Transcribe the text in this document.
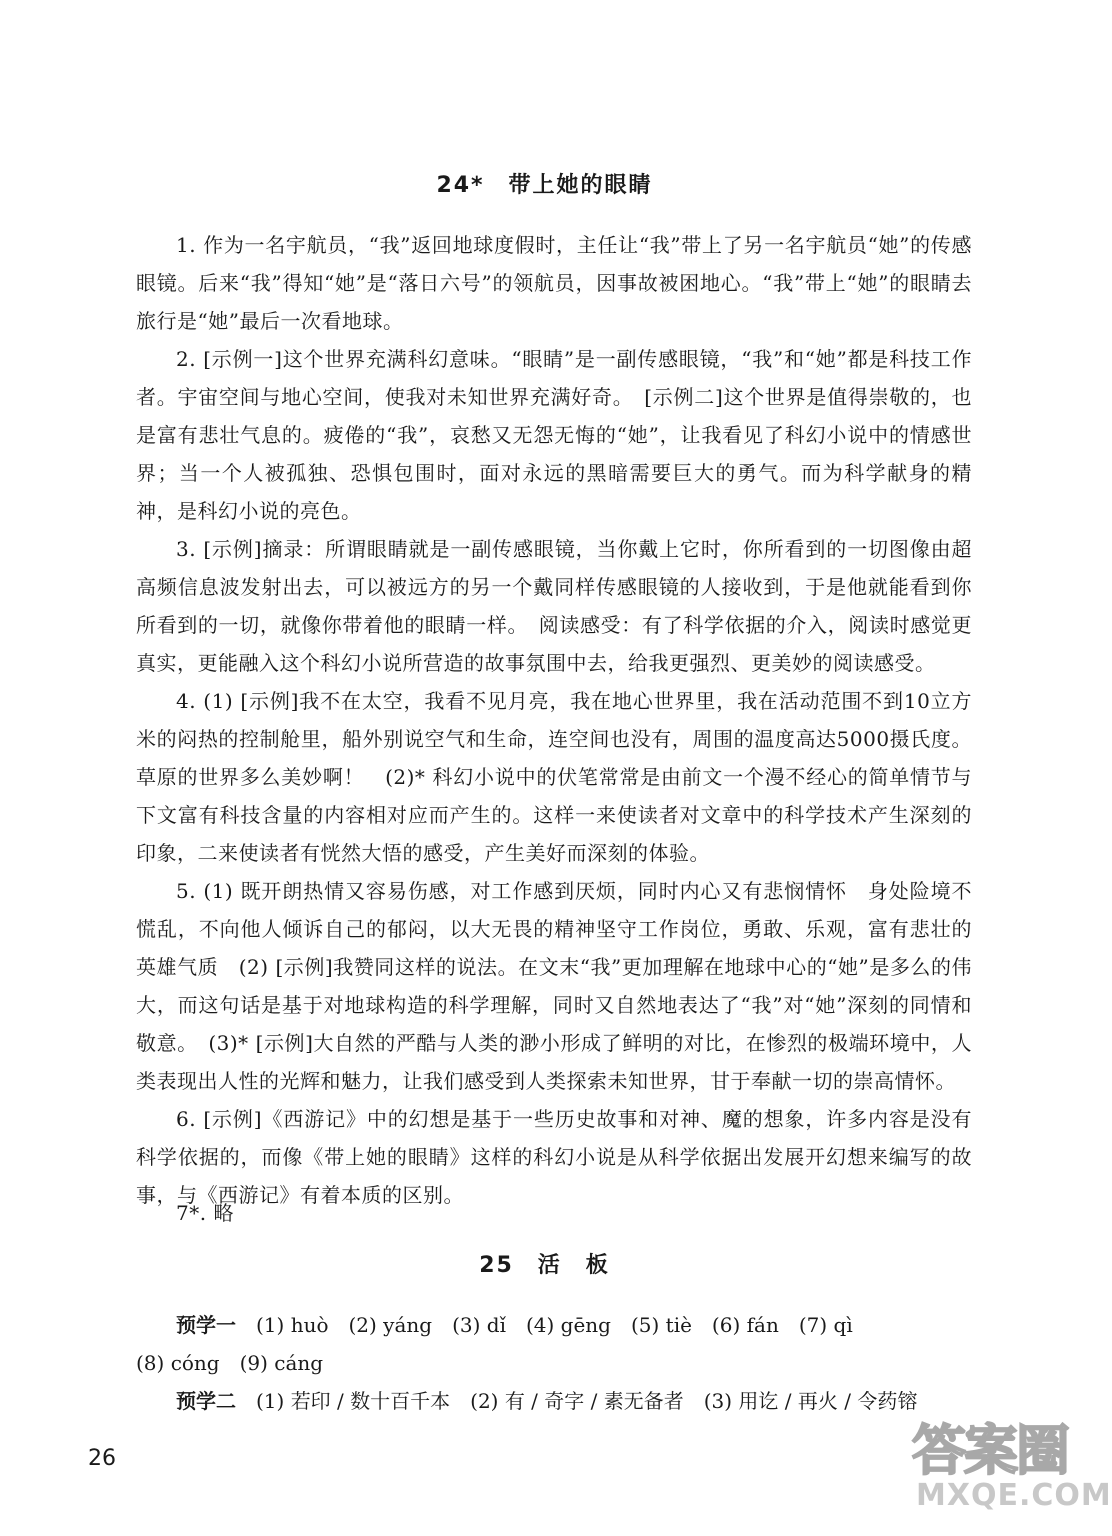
24*　带上她的眼睛
1. 作为一名宇航员，“我”返回地球度假时，主任让“我”带上了另一名宇航员“她”的传感眼镜。后来“我”得知“她”是“落日六号”的领航员，因事故被困地心。“我”带上“她”的眼睛去旅行是“她”最后一次看地球。
2. [示例一]这个世界充满科幻意味。“眼睛”是一副传感眼镜，“我”和“她”都是科技工作者。宇宙空间与地心空间，使我对未知世界充满好奇。　[示例二]这个世界是值得崇敬的，也是富有悲壮气息的。疲倦的“我”，哀愁又无怨无悔的“她”，让我看见了科幻小说中的情感世界；当一个人被孤独、恐惧包围时，面对永远的黑暗需要巨大的勇气。而为科学献身的精神，是科幻小说的亮色。
3. [示例]摘录：所谓眼睛就是一副传感眼镜，当你戴上它时，你所看到的一切图像由超高频信息波发射出去，可以被远方的另一个戴同样传感眼镜的人接收到，于是他就能看到你所看到的一切，就像你带着他的眼睛一样。　阅读感受：有了科学依据的介入，阅读时感觉更真实，更能融入这个科幻小说所营造的故事氛围中去，给我更强烈、更美妙的阅读感受。
4. (1) [示例]我不在太空，我看不见月亮，我在地心世界里，我在活动范围不到10立方米的闷热的控制舱里，船外别说空气和生命，连空间也没有，周围的温度高达5000摄氏度。草原的世界多么美妙啊！　(2)* 科幻小说中的伏笔常常是由前文一个漫不经心的简单情节与下文富有科技含量的内容相对应而产生的。这样一来使读者对文章中的科学技术产生深刻的印象，二来使读者有恍然大悟的感受，产生美好而深刻的体验。
5. (1) 既开朗热情又容易伤感，对工作感到厌烦，同时内心又有悲悯情怀　身处险境不慌乱，不向他人倾诉自己的郁闷，以大无畏的精神坚守工作岗位，勇敢、乐观，富有悲壮的英雄气质　(2) [示例]我赞同这样的说法。在文末“我”更加理解在地球中心的“她”是多么的伟大，而这句话是基于对地球构造的科学理解，同时又自然地表达了“我”对“她”深刻的同情和敬意。　(3)* [示例]大自然的严酷与人类的渺小形成了鲜明的对比，在惨烈的极端环境中，人类表现出人性的光辉和魅力，让我们感受到人类探索未知世界，甘于奉献一切的崇高情怀。
6. [示例]《西游记》中的幻想是基于一些历史故事和对神、魔的想象，许多内容是没有科学依据的，而像《带上她的眼睛》这样的科幻小说是从科学依据出发展开幻想来编写的故事，与《西游记》有着本质的区别。
7*. 略
25　活　板
预学一　 (1) huò　(2) yáng　(3) dǐ　(4) gēng　(5) tiè　(6) fán　(7) qì
(8) cóng　(9) cáng
预学二　 (1) 若印 / 数十百千本　(2) 有 / 奇字 / 素无备者　(3) 用讫 / 再火 / 令药镕
26	答案圈
MXQE.COM
